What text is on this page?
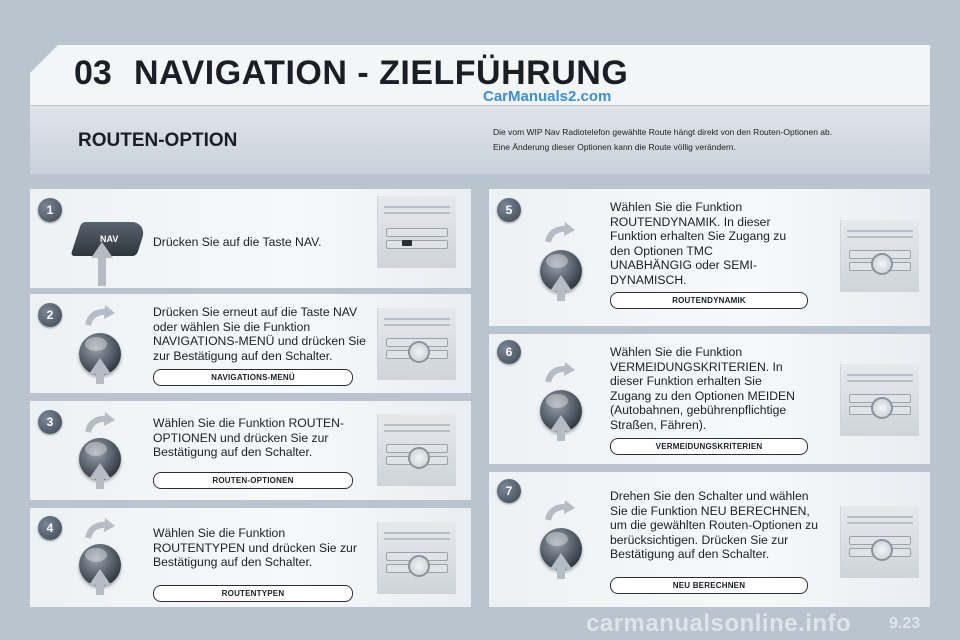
03 NAVIGATION - ZIELFÜHRUNG
CarManuals2.com
ROUTEN-OPTION	Die vom WIP Nav Radiotelefon gewählte Route hängt direkt von den Routen-Optionen ab.
Eine Änderung dieser Optionen kann die Route völlig verändern.
1
NAV	Drücken Sie auf die Taste NAV.
2	Drücken Sie erneut auf die Taste NAV oder wählen Sie die Funktion NAVIGATIONS-MENÜ und drücken Sie zur Bestätigung auf den Schalter.
NAVIGATIONS-MENÜ
3	Wählen Sie die Funktion ROUTEN-OPTIONEN und drücken Sie zur Bestätigung auf den Schalter.
ROUTEN-OPTIONEN
4	Wählen Sie die Funktion ROUTENTYPEN und drücken Sie zur Bestätigung auf den Schalter.
ROUTENTYPEN
5	Wählen Sie die Funktion ROUTENDYNAMIK. In dieser Funktion erhalten Sie Zugang zu den Optionen TMC UNABHÄNGIG oder SEMI-DYNAMISCH.
ROUTENDYNAMIK
6	Wählen Sie die Funktion VERMEIDUNGSKRITERIEN. In dieser Funktion erhalten Sie Zugang zu den Optionen MEIDEN (Autobahnen, gebührenpflichtige Straßen, Fähren).
VERMEIDUNGSKRITERIEN
7	Drehen Sie den Schalter und wählen Sie die Funktion NEU BERECHNEN, um die gewählten Routen-Optionen zu berücksichtigen. Drücken Sie zur Bestätigung auf den Schalter.
NEU BERECHNEN
carmanualsonline.info 9.23
